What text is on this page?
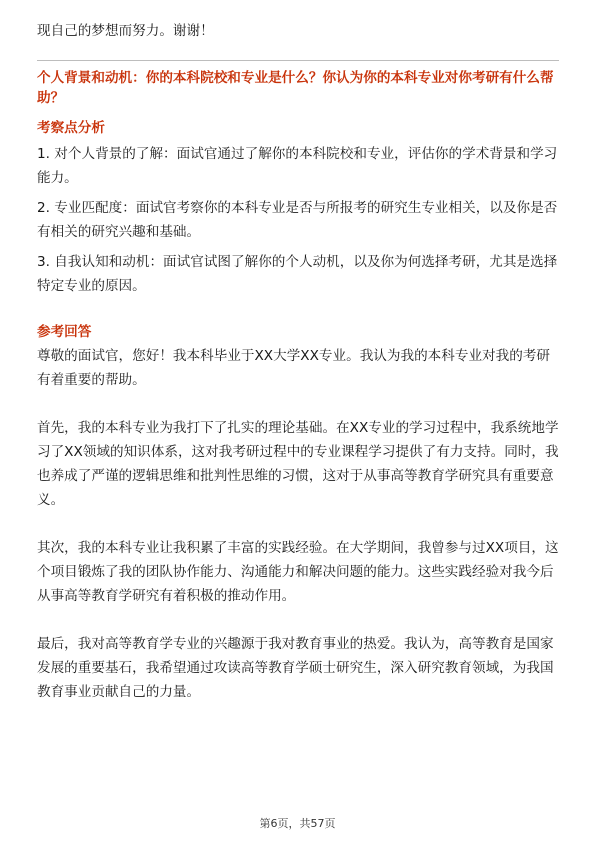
现自己的梦想而努力。谢谢！

个人背景和动机：你的本科院校和专业是什么？你认为你的本科专业对你考研有什么帮助？

考察点分析

1. 对个人背景的了解：面试官通过了解你的本科院校和专业，评估你的学术背景和学习能力。

2. 专业匹配度：面试官考察你的本科专业是否与所报考的研究生专业相关，以及你是否有相关的研究兴趣和基础。

3. 自我认知和动机：面试官试图了解你的个人动机，以及你为何选择考研，尤其是选择特定专业的原因。

参考回答

尊敬的面试官，您好！我本科毕业于XX大学XX专业。我认为我的本科专业对我的考研有着重要的帮助。

首先，我的本科专业为我打下了扎实的理论基础。在XX专业的学习过程中，我系统地学习了XX领域的知识体系，这对我考研过程中的专业课程学习提供了有力支持。同时，我也养成了严谨的逻辑思维和批判性思维的习惯，这对于从事高等教育学研究具有重要意义。

其次，我的本科专业让我积累了丰富的实践经验。在大学期间，我曾参与过XX项目，这个项目锻炼了我的团队协作能力、沟通能力和解决问题的能力。这些实践经验对我今后从事高等教育学研究有着积极的推动作用。

最后，我对高等教育学专业的兴趣源于我对教育事业的热爱。我认为，高等教育是国家发展的重要基石，我希望通过攻读高等教育学硕士研究生，深入研究教育领域，为我国教育事业贡献自己的力量。

第6页，共57页
